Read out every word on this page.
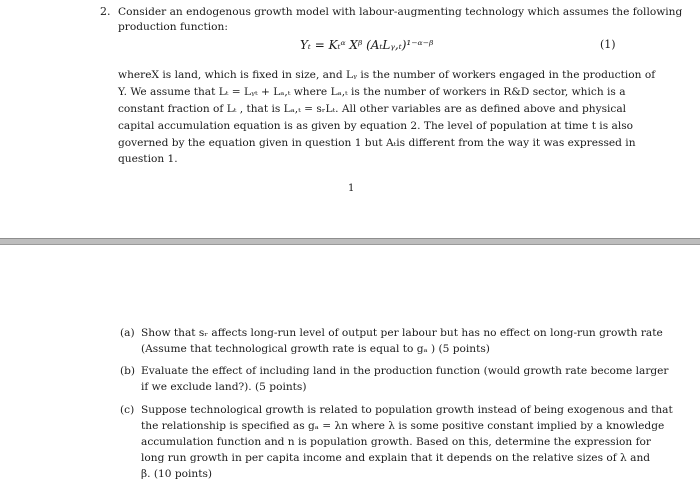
2. Consider an endogenous growth model with labour-augmenting technology which assumes the following
production function:
Yₜ = Kₜᵅ Xᵝ (AₜLᵧ,ₜ)¹⁻ᵅ⁻ᵝ	(1)
whereX is land, which is fixed in size, and Lᵧ is the number of workers engaged in the production of
Y. We assume that Lₜ = Lᵧₜ + Lₐ,ₜ where Lₐ,ₜ is the number of workers in R&D sector, which is a
constant fraction of Lₜ , that is Lₐ,ₜ = sᵣLₜ. All other variables are as defined above and physical
capital accumulation equation is as given by equation 2. The level of population at time t is also
governed by the equation given in question 1 but Aₜis different from the way it was expressed in
question 1.
1
(a) Show that sᵣ affects long-run level of output per labour but has no effect on long-run growth rate
(Assume that technological growth rate is equal to gₐ ) (5 points)
(b) Evaluate the effect of including land in the production function (would growth rate become larger
if we exclude land?). (5 points)
(c) Suppose technological growth is related to population growth instead of being exogenous and that
the relationship is specified as gₐ = λn where λ is some positive constant implied by a knowledge
accumulation function and n is population growth. Based on this, determine the expression for
long run growth in per capita income and explain that it depends on the relative sizes of λ and
β. (10 points)
